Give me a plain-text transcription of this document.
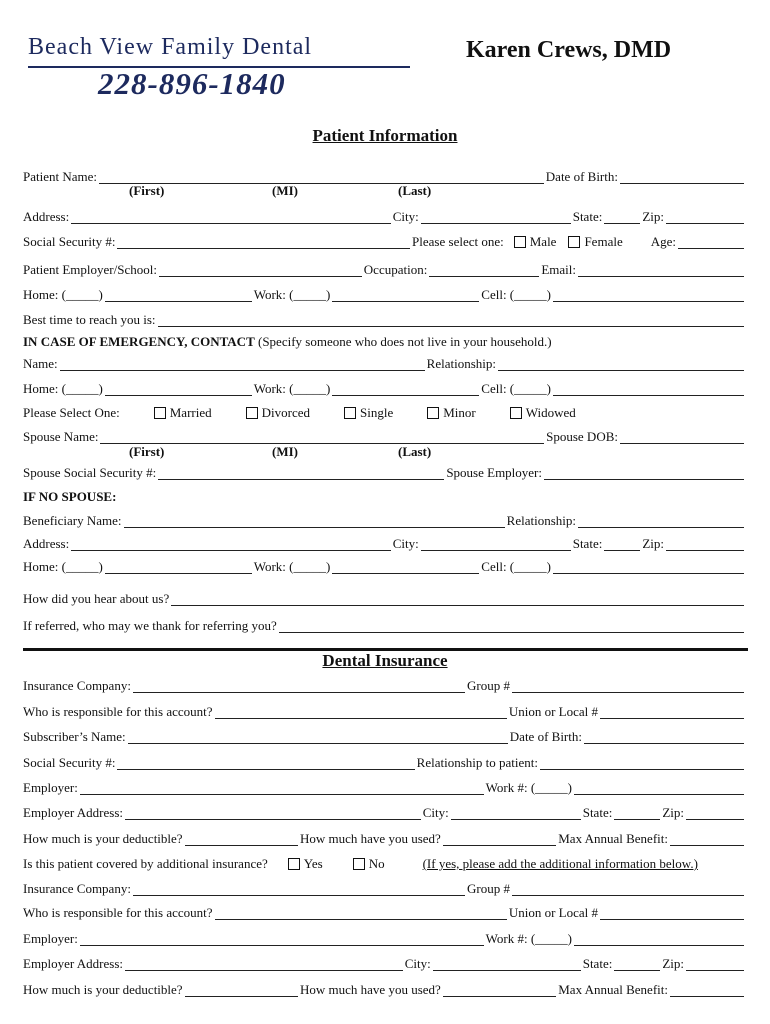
Beach View Family Dental
228-896-1840
Karen Crews, DMD
Patient Information
Patient Name:	Date of Birth:
(First)	(MI)	(Last)
Address:	City:	State:	Zip:
Social Security #:	Please select one: Male Female Age:
Patient Employer/School:	Occupation:	Email:
Home: (_____)	Work: (_____)	Cell: (_____)
Best time to reach you is:
IN CASE OF EMERGENCY, CONTACT (Specify someone who does not live in your household.)
Name:	Relationship:
Home: (_____)	Work: (_____)	Cell: (_____)
Please Select One:	Married	Divorced	Single	Minor	Widowed
Spouse Name:	Spouse DOB:
(First)	(MI)	(Last)
Spouse Social Security #:	Spouse Employer:
IF NO SPOUSE:
Beneficiary Name:	Relationship:
Address:	City:	State:	Zip:
Home: (_____)	Work: (_____)	Cell: (_____)
How did you hear about us?
If referred, who may we thank for referring you?
Dental Insurance
Insurance Company:	Group #
Who is responsible for this account?	Union or Local #
Subscriber’s Name:	Date of Birth:
Social Security #:	Relationship to patient:
Employer:	Work #: (_____)
Employer Address:	City:	State:	Zip:
How much is your deductible?	How much have you used?	Max Annual Benefit:
Is this patient covered by additional insurance?	Yes	No	(If yes, please add the additional information below.)
Insurance Company:	Group #
Who is responsible for this account?	Union or Local #
Employer:	Work #: (_____)
Employer Address:	City:	State:	Zip:
How much is your deductible?	How much have you used?	Max Annual Benefit:
